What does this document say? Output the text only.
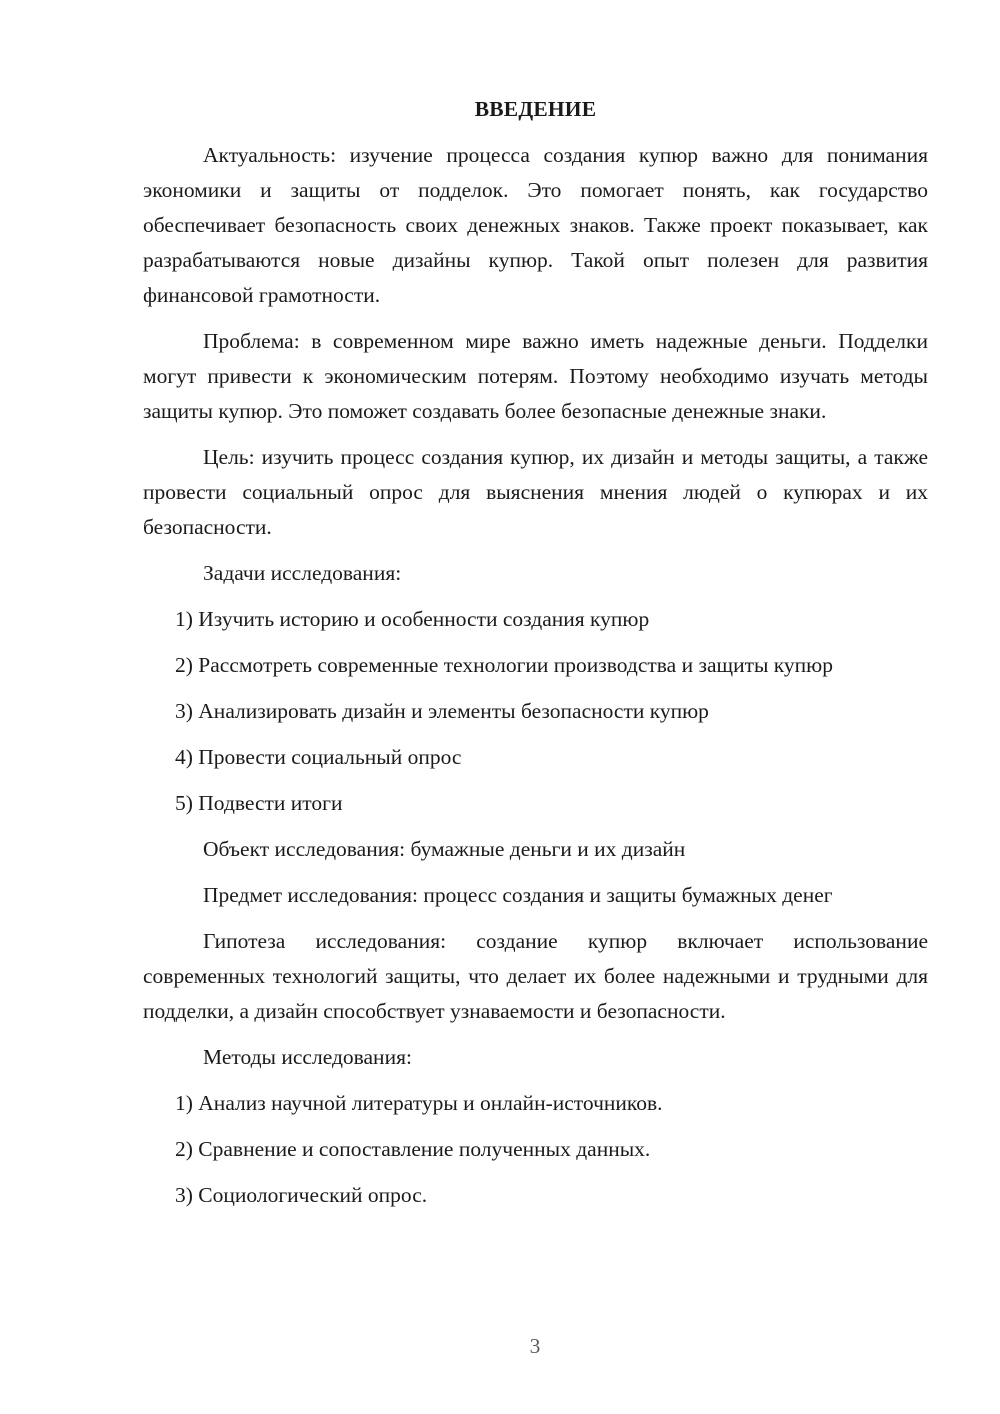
ВВЕДЕНИЕ

Актуальность: изучение процесса создания купюр важно для понимания экономики и защиты от подделок. Это помогает понять, как государство обеспечивает безопасность своих денежных знаков. Также проект показывает, как разрабатываются новые дизайны купюр. Такой опыт полезен для развития финансовой грамотности.

Проблема: в современном мире важно иметь надежные деньги. Подделки могут привести к экономическим потерям. Поэтому необходимо изучать методы защиты купюр. Это поможет создавать более безопасные денежные знаки.

Цель: изучить процесс создания купюр, их дизайн и методы защиты, а также провести социальный опрос для выяснения мнения людей о купюрах и их безопасности.

Задачи исследования:

1) Изучить историю и особенности создания купюр

2) Рассмотреть современные технологии производства и защиты купюр

3) Анализировать дизайн и элементы безопасности купюр

4) Провести социальный опрос

5) Подвести итоги

Объект исследования: бумажные деньги и их дизайн

Предмет исследования: процесс создания и защиты бумажных денег

Гипотеза исследования: создание купюр включает использование современных технологий защиты, что делает их более надежными и трудными для подделки, а дизайн способствует узнаваемости и безопасности.

Методы исследования:

1) Анализ научной литературы и онлайн-источников.

2) Сравнение и сопоставление полученных данных.

3) Социологический опрос.

3
